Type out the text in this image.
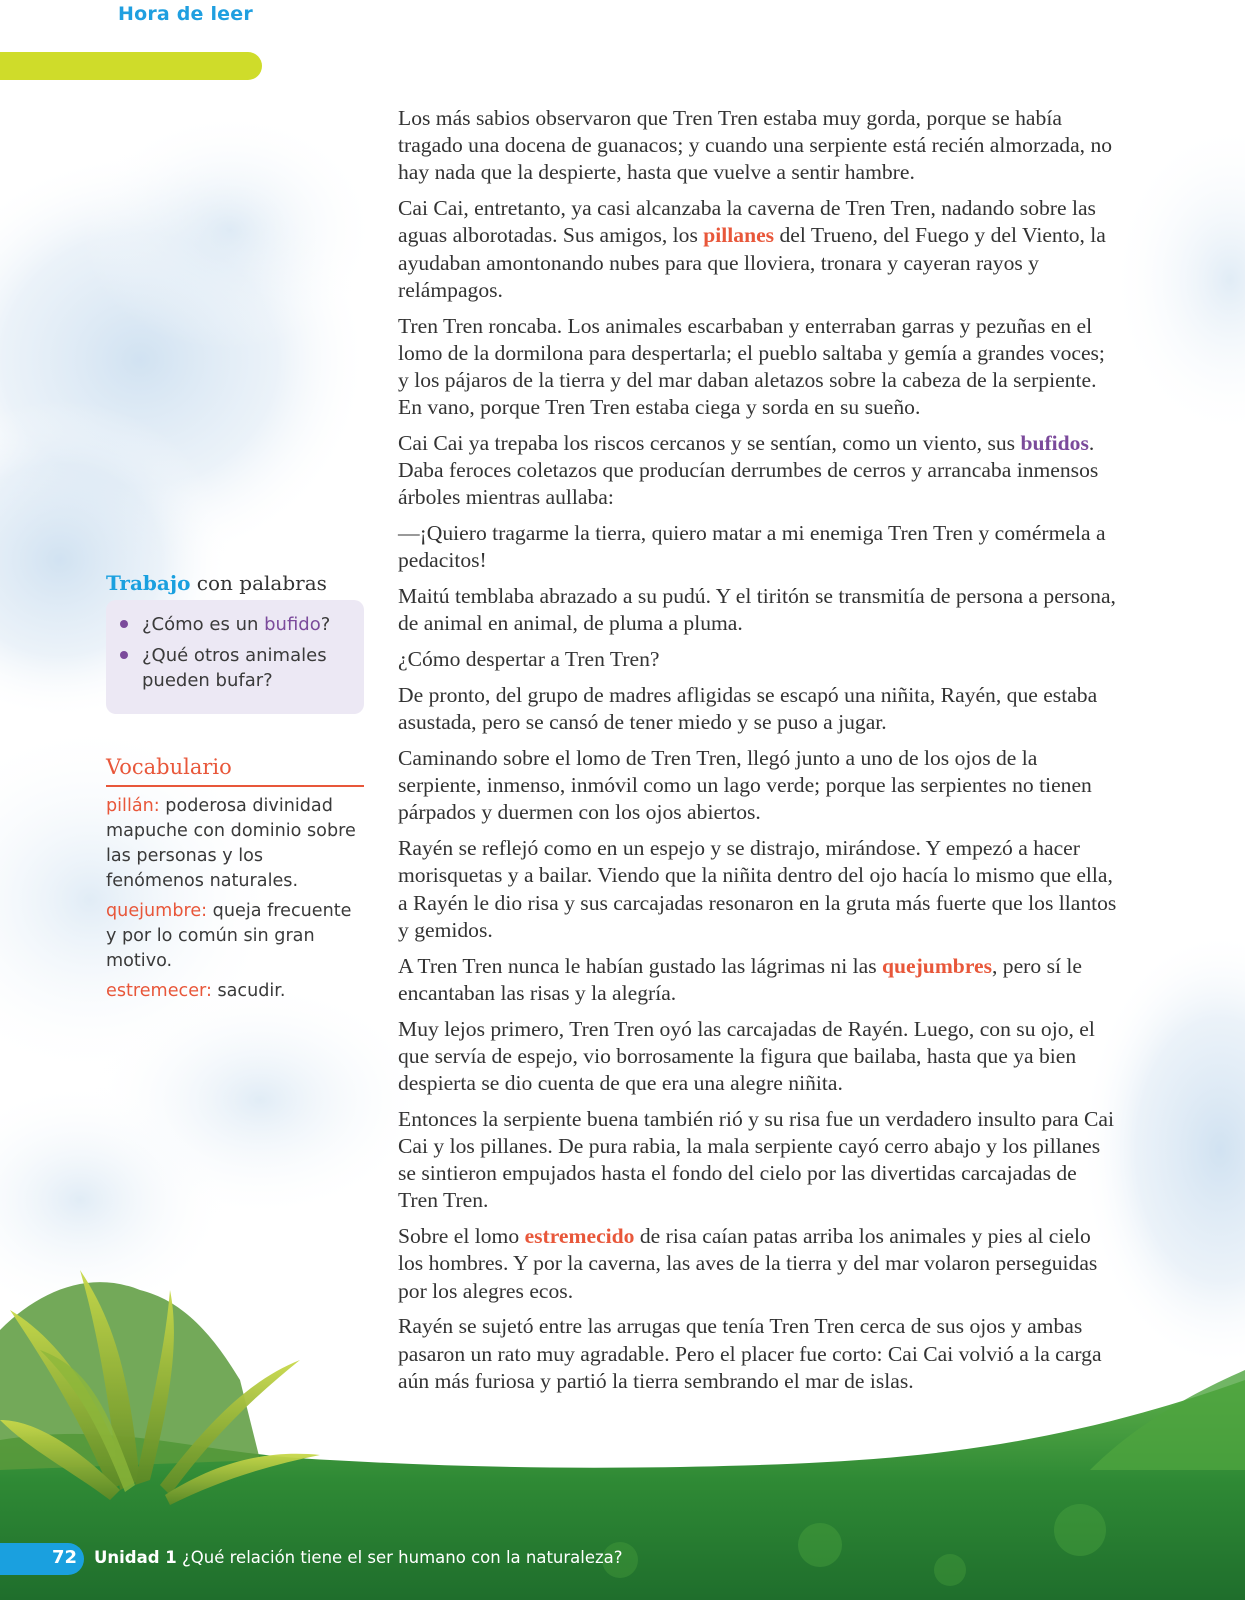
Hora de leer

Los más sabios observaron que Tren Tren estaba muy gorda, porque se había tragado una docena de guanacos; y cuando una serpiente está recién almorzada, no hay nada que la despierte, hasta que vuelve a sentir hambre.

Cai Cai, entretanto, ya casi alcanzaba la caverna de Tren Tren, nadando sobre las aguas alborotadas. Sus amigos, los pillanes del Trueno, del Fuego y del Viento, la ayudaban amontonando nubes para que lloviera, tronara y cayeran rayos y relámpagos.

Tren Tren roncaba. Los animales escarbaban y enterraban garras y pezuñas en el lomo de la dormilona para despertarla; el pueblo saltaba y gemía a grandes voces; y los pájaros de la tierra y del mar daban aletazos sobre la cabeza de la serpiente. En vano, porque Tren Tren estaba ciega y sorda en su sueño.

Cai Cai ya trepaba los riscos cercanos y se sentían, como un viento, sus bufidos. Daba feroces coletazos que producían derrumbes de cerros y arrancaba inmensos árboles mientras aullaba:

—¡Quiero tragarme la tierra, quiero matar a mi enemiga Tren Tren y comérmela a pedacitos!

Maitú temblaba abrazado a su pudú. Y el tiritón se transmitía de persona a persona, de animal en animal, de pluma a pluma.

¿Cómo despertar a Tren Tren?

De pronto, del grupo de madres afligidas se escapó una niñita, Rayén, que estaba asustada, pero se cansó de tener miedo y se puso a jugar.

Caminando sobre el lomo de Tren Tren, llegó junto a uno de los ojos de la serpiente, inmenso, inmóvil como un lago verde; porque las serpientes no tienen párpados y duermen con los ojos abiertos.

Rayén se reflejó como en un espejo y se distrajo, mirándose. Y empezó a hacer morisquetas y a bailar. Viendo que la niñita dentro del ojo hacía lo mismo que ella, a Rayén le dio risa y sus carcajadas resonaron en la gruta más fuerte que los llantos y gemidos.

A Tren Tren nunca le habían gustado las lágrimas ni las quejumbres, pero sí le encantaban las risas y la alegría.

Muy lejos primero, Tren Tren oyó las carcajadas de Rayén. Luego, con su ojo, el que servía de espejo, vio borrosamente la figura que bailaba, hasta que ya bien despierta se dio cuenta de que era una alegre niñita.

Entonces la serpiente buena también rió y su risa fue un verdadero insulto para Cai Cai y los pillanes. De pura rabia, la mala serpiente cayó cerro abajo y los pillanes se sintieron empujados hasta el fondo del cielo por las divertidas carcajadas de Tren Tren.

Sobre el lomo estremecido de risa caían patas arriba los animales y pies al cielo los hombres. Y por la caverna, las aves de la tierra y del mar volaron perseguidas por los alegres ecos.

Rayén se sujetó entre las arrugas que tenía Tren Tren cerca de sus ojos y ambas pasaron un rato muy agradable. Pero el placer fue corto: Cai Cai volvió a la carga aún más furiosa y partió la tierra sembrando el mar de islas.

Trabajo con palabras
¿Cómo es un bufido?
¿Qué otros animales pueden bufar?
Vocabulario

pillán: poderosa divinidad mapuche con dominio sobre las personas y los fenómenos naturales.

quejumbre: queja frecuente y por lo común sin gran motivo.

estremecer: sacudir.

72 Unidad 1 ¿Qué relación tiene el ser humano con la naturaleza?
